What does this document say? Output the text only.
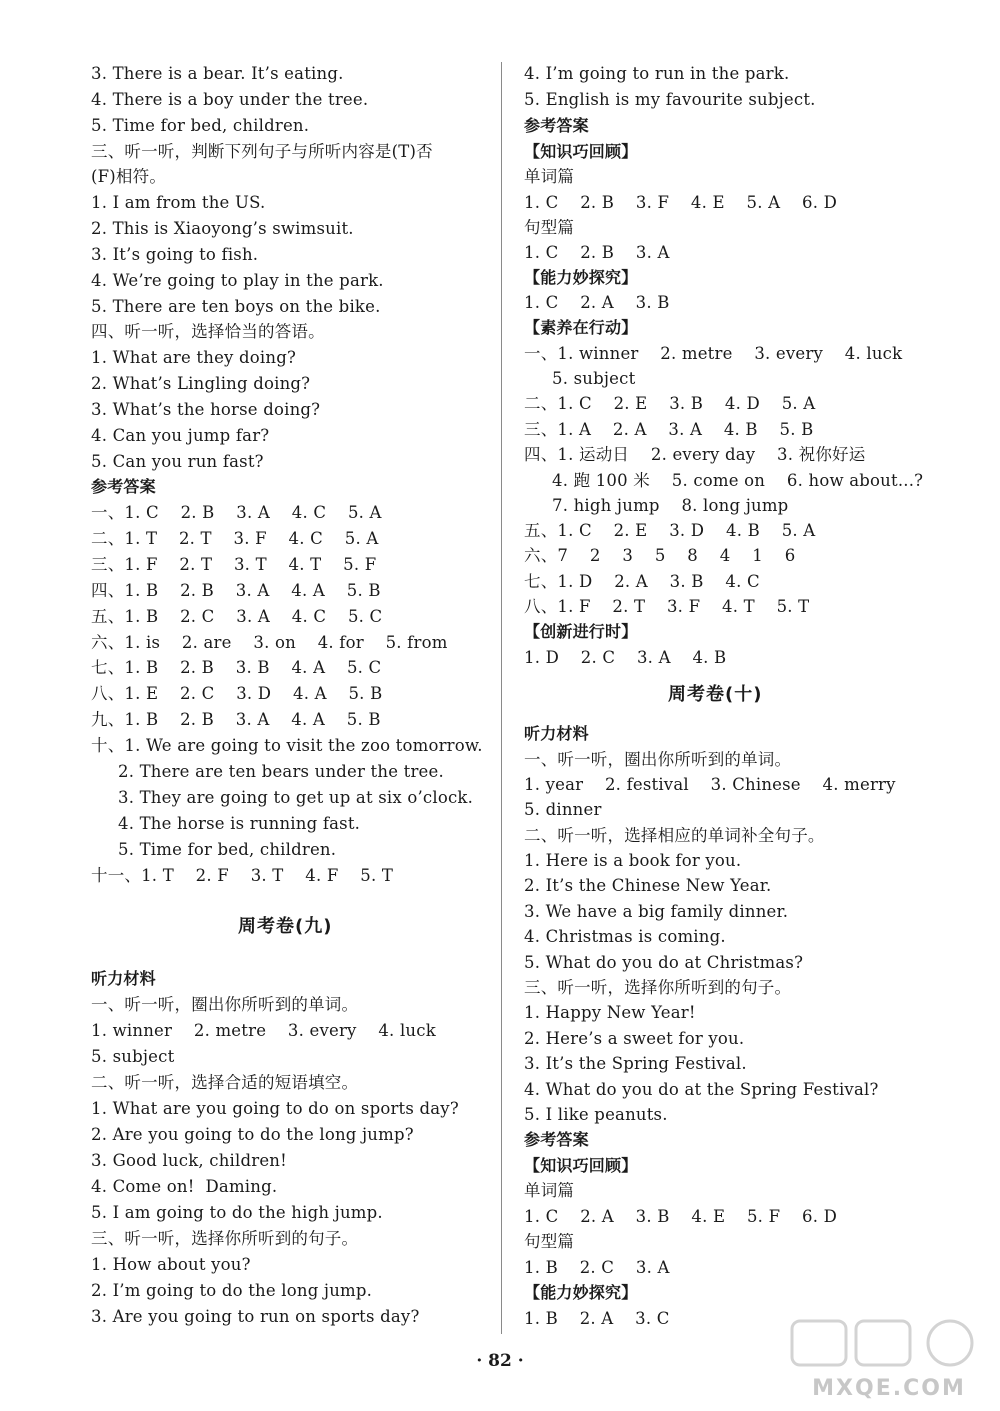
· 82 ·
MXQE.COM
3. There is a bear. It’s eating.
4. There is a boy under the tree.
5. Time for bed, children.
三、听一听，判断下列句子与所听内容是(T)否
(F)相符。
1. I am from the US.
2. This is Xiaoyong’s swimsuit.
3. It’s going to fish.
4. We’re going to play in the park.
5. There are ten boys on the bike.
四、听一听，选择恰当的答语。
1. What are they doing?
2. What’s Lingling doing?
3. What’s the horse doing?
4. Can you jump far?
5. Can you run fast?
参考答案
一、1. C    2. B    3. A    4. C    5. A
二、1. T    2. T    3. F    4. C    5. A
三、1. F    2. T    3. T    4. T    5. F
四、1. B    2. B    3. A    4. A    5. B
五、1. B    2. C    3. A    4. C    5. C
六、1. is    2. are    3. on    4. for    5. from
七、1. B    2. B    3. B    4. A    5. C
八、1. E    2. C    3. D    4. A    5. B
九、1. B    2. B    3. A    4. A    5. B
十、1. We are going to visit the zoo tomorrow.
2. There are ten bears under the tree.
3. They are going to get up at six o’clock.
4. The horse is running fast.
5. Time for bed, children.
十一、1. T    2. F    3. T    4. F    5. T
周考卷(九)
听力材料
一、听一听，圈出你所听到的单词。
1. winner    2. metre    3. every    4. luck
5. subject
二、听一听，选择合适的短语填空。
1. What are you going to do on sports day?
2. Are you going to do the long jump?
3. Good luck, children!
4. Come on!  Daming.
5. I am going to do the high jump.
三、听一听，选择你所听到的句子。
1. How about you?
2. I’m going to do the long jump.
3. Are you going to run on sports day?
4. I’m going to run in the park.
5. English is my favourite subject.
参考答案
【知识巧回顾】
单词篇
1. C    2. B    3. F    4. E    5. A    6. D
句型篇
1. C    2. B    3. A
【能力妙探究】
1. C    2. A    3. B
【素养在行动】
一、1. winner    2. metre    3. every    4. luck
5. subject
二、1. C    2. E    3. B    4. D    5. A
三、1. A    2. A    3. A    4. B    5. B
四、1. 运动日    2. every day    3. 祝你好运
4. 跑 100 米    5. come on    6. how about...?
7. high jump    8. long jump
五、1. C    2. E    3. D    4. B    5. A
六、7    2    3    5    8    4    1    6
七、1. D    2. A    3. B    4. C
八、1. F    2. T    3. F    4. T    5. T
【创新进行时】
1. D    2. C    3. A    4. B
周考卷(十)
听力材料
一、听一听，圈出你所听到的单词。
1. year    2. festival    3. Chinese    4. merry
5. dinner
二、听一听，选择相应的单词补全句子。
1. Here is a book for you.
2. It’s the Chinese New Year.
3. We have a big family dinner.
4. Christmas is coming.
5. What do you do at Christmas?
三、听一听，选择你所听到的句子。
1. Happy New Year!
2. Here’s a sweet for you.
3. It’s the Spring Festival.
4. What do you do at the Spring Festival?
5. I like peanuts.
参考答案
【知识巧回顾】
单词篇
1. C    2. A    3. B    4. E    5. F    6. D
句型篇
1. B    2. C    3. A
【能力妙探究】
1. B    2. A    3. C
